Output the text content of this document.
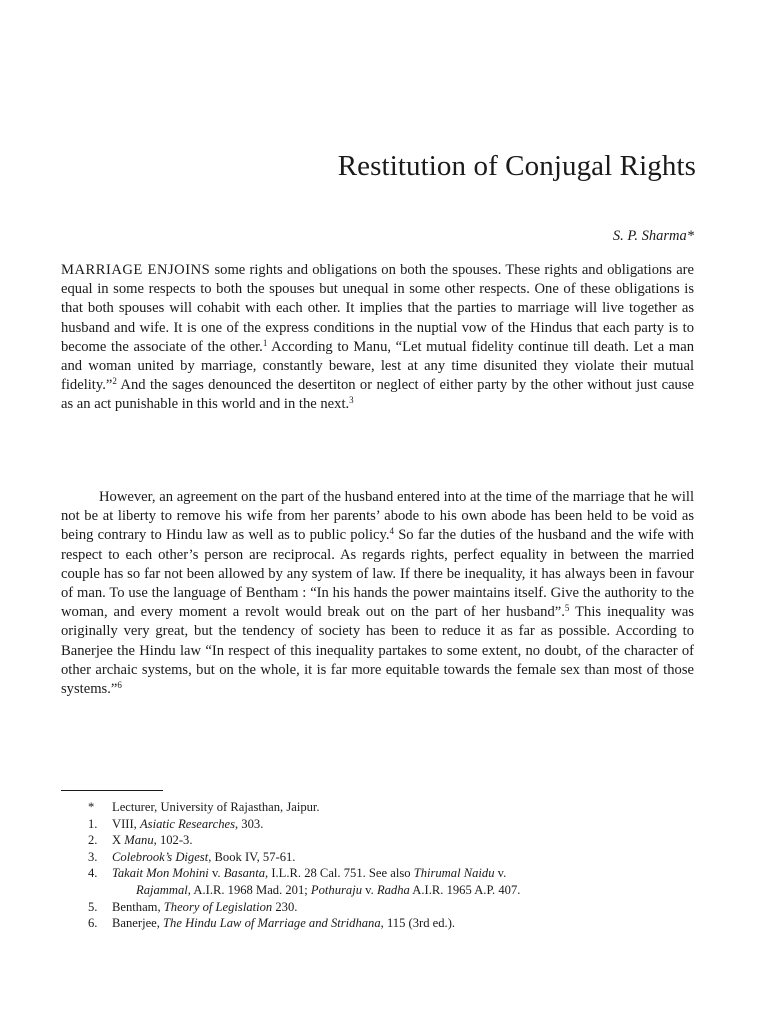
Restitution of Conjugal Rights
S. P. Sharma*
MARRIAGE ENJOINS some rights and obligations on both the spouses. These rights and obligations are equal in some respects to both the spouses but unequal in some other respects. One of these obligations is that both spouses will cohabit with each other. It implies that the parties to marriage will live together as husband and wife. It is one of the express conditions in the nuptial vow of the Hindus that each party is to become the associate of the other.$^1$ According to Manu, “Let mutual fidelity continue till death. Let a man and woman united by marriage, constantly beware, lest at any time disunited they violate their mutual fidelity.”$^2$ And the sages denounced the desertiton or neglect of either party by the other without just cause as an act punishable in this world and in the next.$^3$
However, an agreement on the part of the husband entered into at the time of the marriage that he will not be at liberty to remove his wife from her parents’ abode to his own abode has been held to be void as being contrary to Hindu law as well as to public policy.$^4$ So far the duties of the husband and the wife with respect to each other’s person are reciprocal. As regards rights, perfect equality in between the married couple has so far not been allowed by any system of law. If there be inequality, it has always been in favour of man. To use the language of Bentham : “In his hands the power maintains itself. Give the authority to the woman, and every moment a revolt would break out on the part of her husband”.$^5$ This inequality was originally very great, but the tendency of society has been to reduce it as far as possible. According to Banerjee the Hindu law “In respect of this inequality partakes to some extent, no doubt, of the character of other archaic systems, but on the whole, it is far more equitable towards the female sex than most of those systems.”$^6$
* Lecturer, University of Rajasthan, Jaipur.
1. VIII, Asiatic Researches, 303.
2. X Manu, 102-3.
3. Colebrook’s Digest, Book IV, 57-61.
4. Takait Mon Mohini v. Basanta, I.L.R. 28 Cal. 751. See also Thirumal Naidu v.
Rajammal, A.I.R. 1968 Mad. 201; Pothuraju v. Radha A.I.R. 1965 A.P. 407.
5. Bentham, Theory of Legislation 230.
6. Banerjee, The Hindu Law of Marriage and Stridhana, 115 (3rd ed.).
